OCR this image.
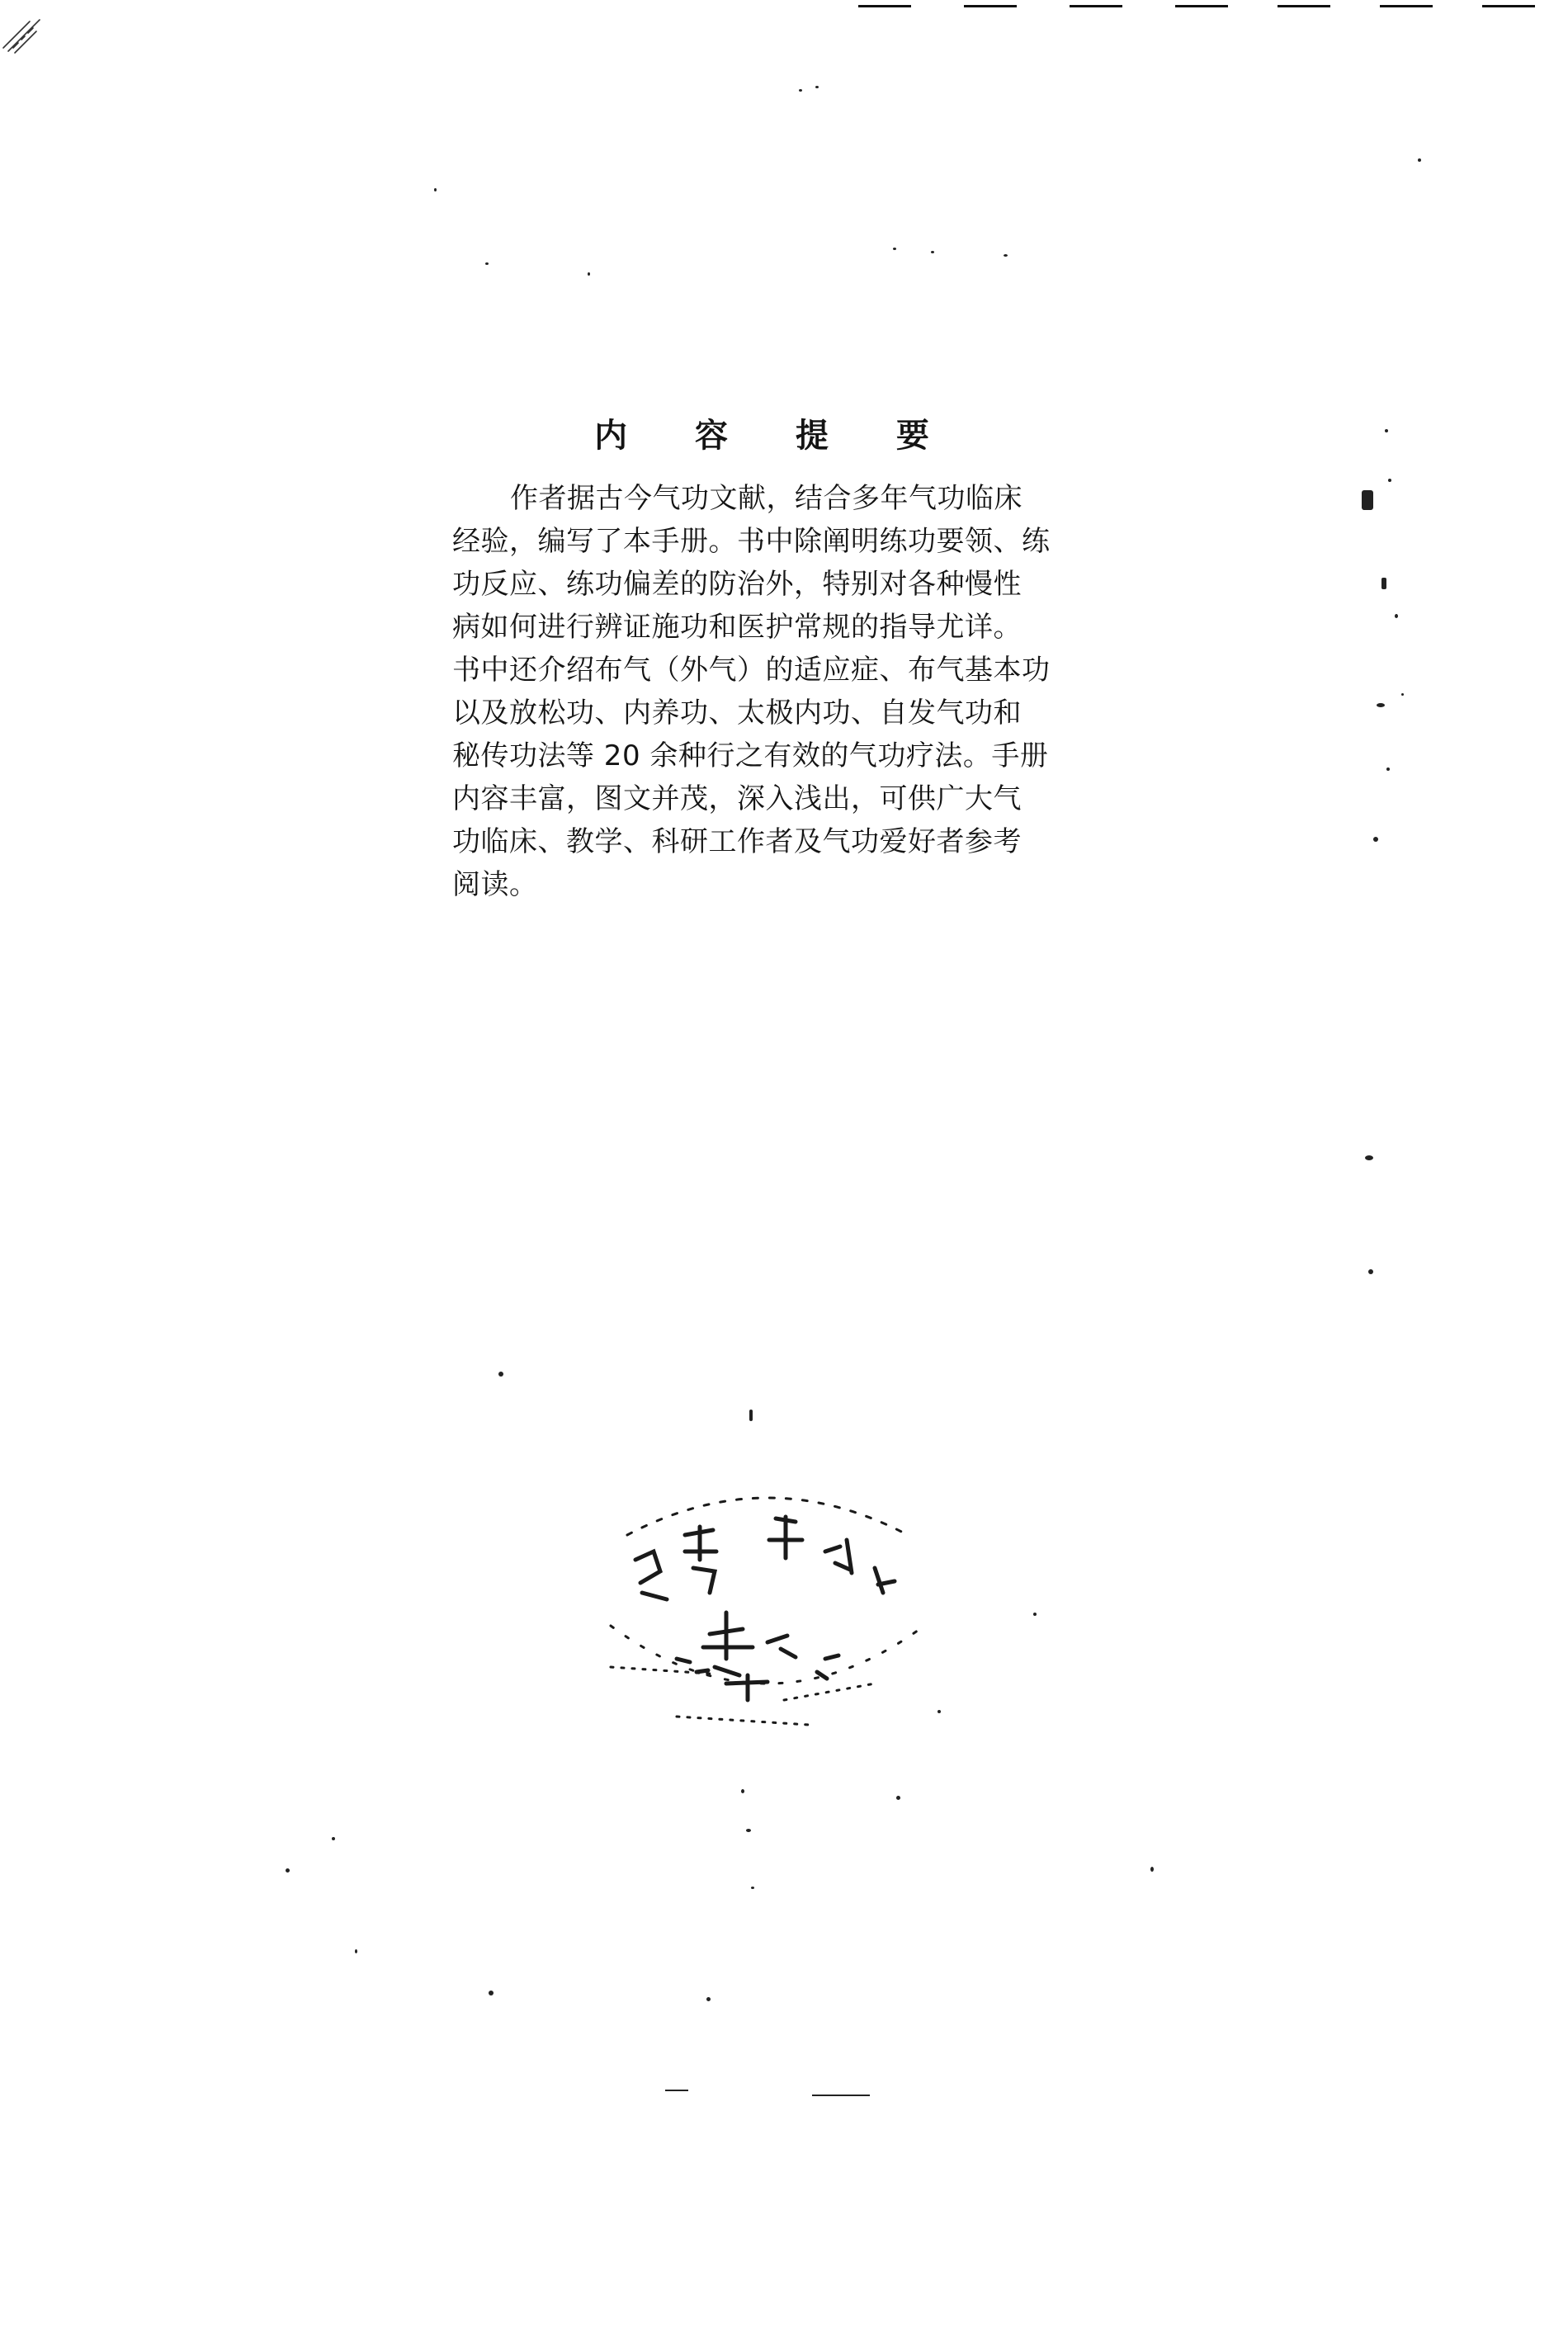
内 容 提 要
作者据古今气功文献，结合多年气功临床
经验，编写了本手册。书中除阐明练功要领、练
功反应、练功偏差的防治外，特别对各种慢性
病如何进行辨证施功和医护常规的指导尤详。
书中还介绍布气（外气）的适应症、布气基本功
以及放松功、内养功、太极内功、自发气功和
秘传功法等 20 余种行之有效的气功疗法。手册
内容丰富，图文并茂，深入浅出，可供广大气
功临床、教学、科研工作者及气功爱好者参考
阅读。
